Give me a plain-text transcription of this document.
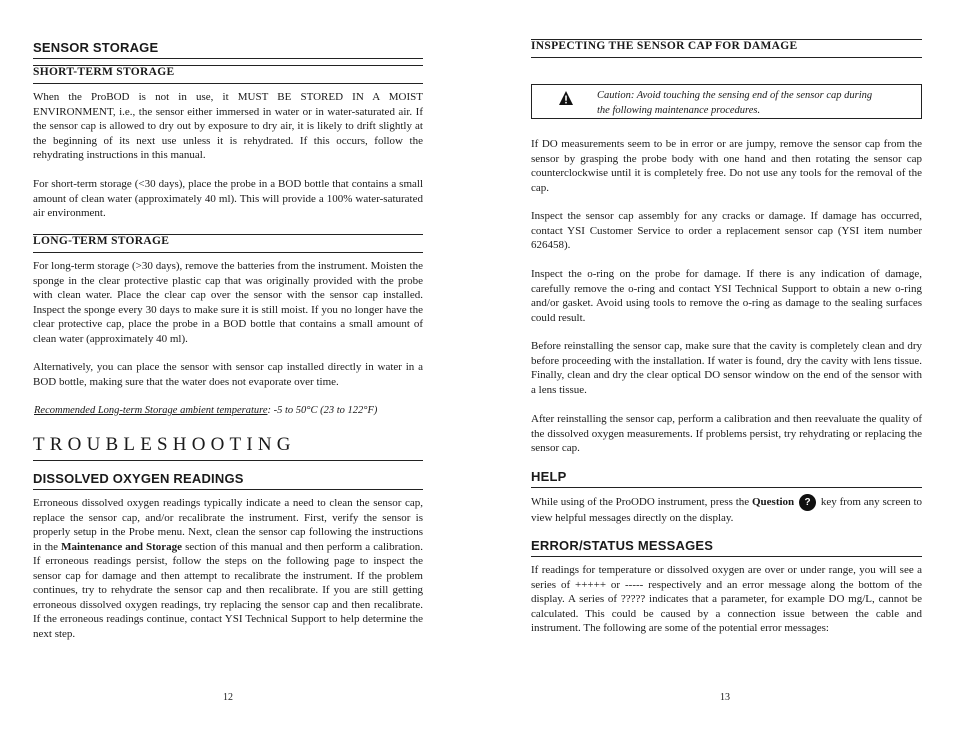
SENSOR STORAGE
SHORT-TERM STORAGE

When the ProBOD is not in use, it MUST BE STORED IN A MOIST ENVIRONMENT, i.e., the sensor either immersed in water or in water-saturated air. If the sensor cap is allowed to dry out by exposure to dry air, it is likely to drift slightly at the beginning of its next use unless it is rehydrated. If this occurs, follow the rehydrating instructions in this manual.

For short-term storage (<30 days), place the probe in a BOD bottle that contains a small amount of clean water (approximately 40 ml). This will provide a 100% water-saturated air environment.

LONG-TERM STORAGE

For long-term storage (>30 days), remove the batteries from the instrument. Moisten the sponge in the clear protective plastic cap that was originally provided with the probe with clean water. Place the clear cap over the sensor with the sensor cap installed. Inspect the sponge every 30 days to make sure it is still moist. If you no longer have the clear protective cap, place the probe in a BOD bottle that contains a small amount of clean water (approximately 40 ml).

Alternatively, you can place the sensor with sensor cap installed directly in water in a BOD bottle, making sure that the water does not evaporate over time.

Recommended Long-term Storage ambient temperature: -5 to 50°C (23 to 122°F)

TROUBLESHOOTING
DISSOLVED OXYGEN READINGS

Erroneous dissolved oxygen readings typically indicate a need to clean the sensor cap, replace the sensor cap, and/or recalibrate the instrument. First, verify the sensor is properly setup in the Probe menu. Next, clean the sensor cap following the instructions in the Maintenance and Storage section of this manual and then perform a calibration. If erroneous readings persist, follow the steps on the following page to inspect the sensor cap for damage and then attempt to recalibrate the instrument. If the problem continues, try to rehydrate the sensor cap and then recalibrate. If you are still getting erroneous dissolved oxygen readings, try replacing the sensor cap and then recalibrate. If the erroneous readings continue, contact YSI Technical Support to help determine the next step.

12
INSPECTING THE SENSOR CAP FOR DAMAGE

Caution: Avoid touching the sensing end of the sensor cap during the following maintenance procedures.

If DO measurements seem to be in error or are jumpy, remove the sensor cap from the sensor by grasping the probe body with one hand and then rotating the sensor cap counterclockwise until it is completely free. Do not use any tools for the removal of the cap.

Inspect the sensor cap assembly for any cracks or damage. If damage has occurred, contact YSI Customer Service to order a replacement sensor cap (YSI item number 626458).

Inspect the o-ring on the probe for damage. If there is any indication of damage, carefully remove the o-ring and contact YSI Technical Support to obtain a new o-ring and/or gasket. Avoid using tools to remove the o-ring as damage to the sealing surfaces could result.

Before reinstalling the sensor cap, make sure that the cavity is completely clean and dry before proceeding with the installation. If water is found, dry the cavity with lens tissue. Finally, clean and dry the clear optical DO sensor window on the end of the sensor with a lens tissue.

After reinstalling the sensor cap, perform a calibration and then reevaluate the quality of the dissolved oxygen measurements. If problems persist, try rehydrating or replacing the sensor cap.

HELP

While using of the ProODO instrument, press the Question ? key from any screen to view helpful messages directly on the display.

ERROR/STATUS MESSAGES

If readings for temperature or dissolved oxygen are over or under range, you will see a series of +++++ or ----- respectively and an error message along the bottom of the display. A series of ????? indicates that a parameter, for example DO mg/L, cannot be calculated. This could be caused by a connection issue between the cable and instrument. The following are some of the potential error messages:

13
